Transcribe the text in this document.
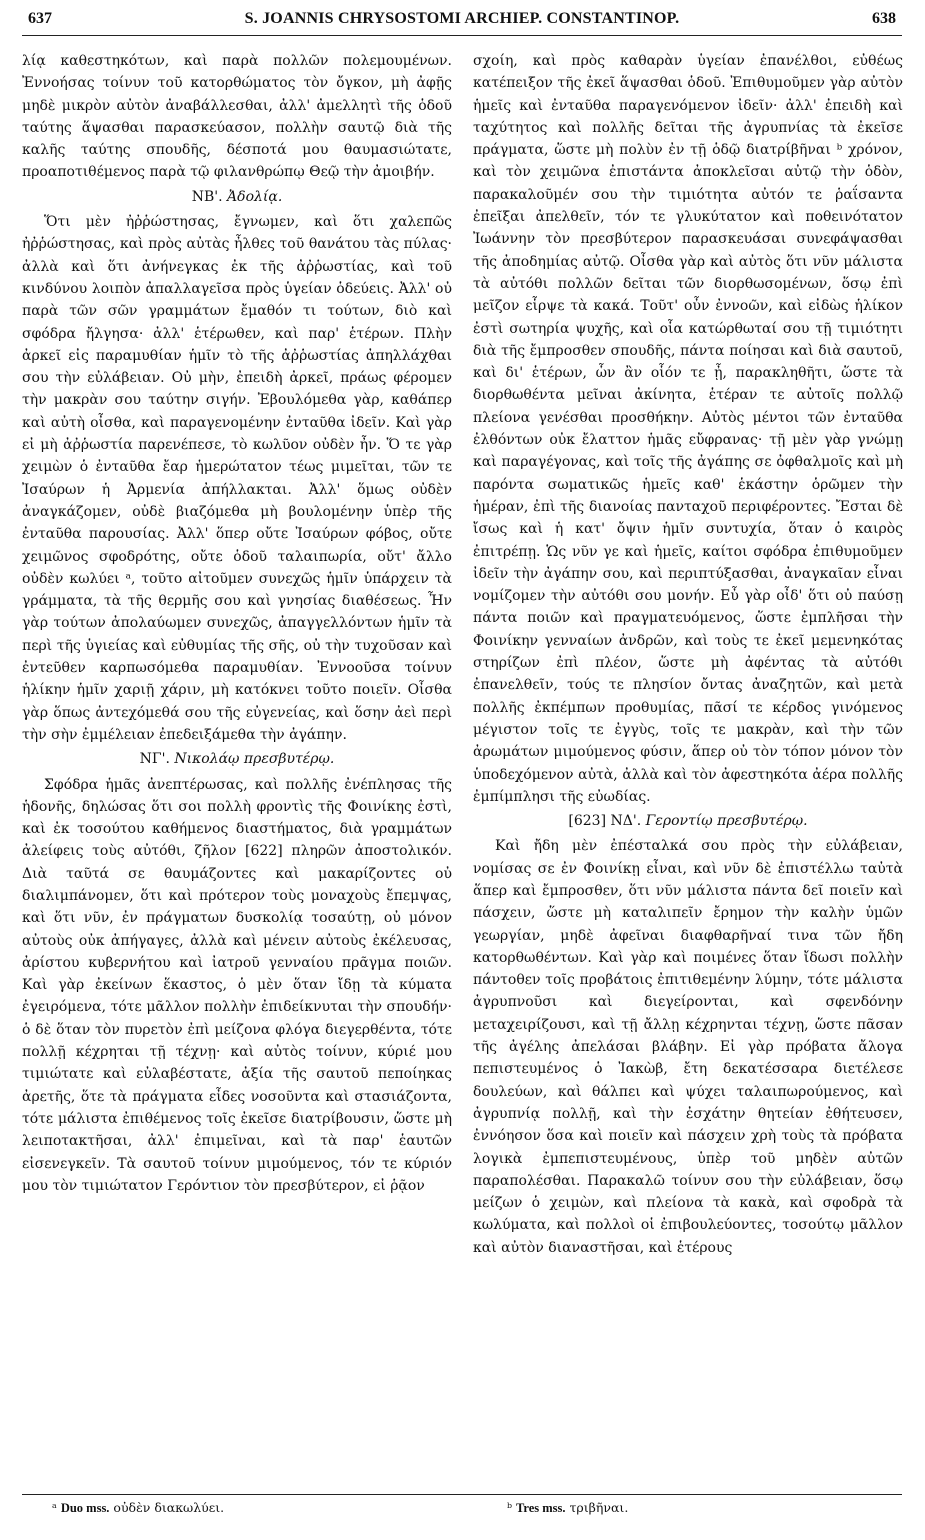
637	S. JOANNIS CHRYSOSTOMI ARCHIEP. CONSTANTINOP.	638

λίᾳ καθεστηκότων, καὶ παρὰ πολλῶν πολεμουμένων. Ἐννοήσας τοίνυν τοῦ κατορθώματος τὸν ὄγκον, μὴ ἀφῇς μηδὲ μικρὸν αὐτὸν ἀναβάλλεσθαι, ἀλλ' ἀμελλητὶ τῆς ὁδοῦ ταύτης ἅψασθαι παρασκεύασον, πολλὴν σαυτῷ διὰ τῆς καλῆς ταύτης σπουδῆς, δέσποτά μου θαυμασιώτατε, προαποτιθέμενος παρὰ τῷ φιλανθρώπῳ Θεῷ τὴν ἀμοιβήν.

ΝΒ'. Ἀδολίᾳ.

Ὅτι μὲν ἠῤῥώστησας, ἔγνωμεν, καὶ ὅτι χαλεπῶς ἠῤῥώστησας, καὶ πρὸς αὐτὰς ἦλθες τοῦ θανάτου τὰς πύλας· ἀλλὰ καὶ ὅτι ἀνήνεγκας ἐκ τῆς ἀῤῥωστίας, καὶ τοῦ κινδύνου λοιπὸν ἀπαλλαγεῖσα πρὸς ὑγείαν ὁδεύεις. Ἀλλ' οὐ παρὰ τῶν σῶν γραμμάτων ἔμαθόν τι τούτων, διὸ καὶ σφόδρα ἤλγησα· ἀλλ' ἑτέρωθεν, καὶ παρ' ἑτέρων. Πλὴν ἀρκεῖ εἰς παραμυθίαν ἡμῖν τὸ τῆς ἀῤῥωστίας ἀπηλλάχθαι σου τὴν εὐλάβειαν. Οὐ μὴν, ἐπειδὴ ἀρκεῖ, πράως φέρομεν τὴν μακρὰν σου ταύτην σιγήν. Ἐβουλόμεθα γὰρ, καθάπερ καὶ αὐτὴ οἶσθα, καὶ παραγενομένην ἐνταῦθα ἰδεῖν. Καὶ γὰρ εἰ μὴ ἀῤῥωστία παρενέπεσε, τὸ κωλῦον οὐδὲν ἦν. Ὅ τε γὰρ χειμὼν ὁ ἐνταῦθα ἔαρ ἡμερώτατον τέως μιμεῖται, τῶν τε Ἰσαύρων ἡ Ἀρμενία ἀπήλλακται. Ἀλλ' ὅμως οὐδὲν ἀναγκάζομεν, οὐδὲ βιαζόμεθα μὴ βουλομένην ὑπὲρ τῆς ἐνταῦθα παρουσίας. Ἀλλ' ὅπερ οὔτε Ἰσαύρων φόβος, οὔτε χειμῶνος σφοδρότης, οὔτε ὁδοῦ ταλαιπωρία, οὔτ' ἄλλο οὐδὲν κωλύει ᵃ, τοῦτο αἰτοῦμεν συνεχῶς ἡμῖν ὑπάρχειν τὰ γράμματα, τὰ τῆς θερμῆς σου καὶ γνησίας διαθέσεως. Ἦν γὰρ τούτων ἀπολαύωμεν συνεχῶς, ἀπαγγελλόντων ἡμῖν τὰ περὶ τῆς ὑγιείας καὶ εὐθυμίας τῆς σῆς, οὐ τὴν τυχοῦσαν καὶ ἐντεῦθεν καρπωσόμεθα παραμυθίαν. Ἐννοοῦσα τοίνυν ἡλίκην ἡμῖν χαριῇ χάριν, μὴ κατόκνει τοῦτο ποιεῖν. Οἶσθα γὰρ ὅπως ἀντεχόμεθά σου τῆς εὐγενείας, καὶ ὅσην ἀεὶ περὶ τὴν σὴν ἐμμέλειαν ἐπεδειξάμεθα τὴν ἀγάπην.

ΝΓ'. Νικολάῳ πρεσβυτέρῳ.

Σφόδρα ἡμᾶς ἀνεπτέρωσας, καὶ πολλῆς ἐνέπλησας τῆς ἡδονῆς, δηλώσας ὅτι σοι πολλὴ φροντὶς τῆς Φοινίκης ἐστὶ, καὶ ἐκ τοσούτου καθήμενος διαστήματος, διὰ γραμμάτων ἀλείφεις τοὺς αὐτόθι, ζῆλον [622] πληρῶν ἀποστολικόν. Διὰ ταῦτά σε θαυμάζοντες καὶ μακαρίζοντες οὐ διαλιμπάνομεν, ὅτι καὶ πρότερον τοὺς μοναχοὺς ἔπεμψας, καὶ ὅτι νῦν, ἐν πράγματων δυσκολίᾳ τοσαύτῃ, οὐ μόνον αὐτοὺς οὐκ ἀπήγαγες, ἀλλὰ καὶ μένειν αὐτοὺς ἐκέλευσας, ἀρίστου κυβερνήτου καὶ ἰατροῦ γενναίου πρᾶγμα ποιῶν. Καὶ γὰρ ἐκείνων ἕκαστος, ὁ μὲν ὅταν ἴδῃ τὰ κύματα ἐγειρόμενα, τότε μᾶλλον πολλὴν ἐπιδείκνυται τὴν σπουδήν· ὁ δὲ ὅταν τὸν πυρετὸν ἐπὶ μείζονα φλόγα διεγερθέντα, τότε πολλῇ κέχρηται τῇ τέχνῃ· καὶ αὐτὸς τοίνυν, κύριέ μου τιμιώτατε καὶ εὐλαβέστατε, ἀξία τῆς σαυτοῦ πεποίηκας ἀρετῆς, ὅτε τὰ πράγματα εἶδες νοσοῦντα καὶ στασιάζοντα, τότε μάλιστα ἐπιθέμενος τοῖς ἐκεῖσε διατρίβουσιν, ὥστε μὴ λειποτακτῆσαι, ἀλλ' ἐπιμεῖναι, καὶ τὰ παρ' ἑαυτῶν εἰσενεγκεῖν. Τὰ σαυτοῦ τοίνυν μιμούμενος, τόν τε κύριόν μου τὸν τιμιώτατον Γερόντιον τὸν πρεσβύτερον, εἰ ῥᾷον

σχοίη, καὶ πρὸς καθαρὰν ὑγείαν ἐπανέλθοι, εὐθέως κατέπειξον τῆς ἐκεῖ ἅψασθαι ὁδοῦ. Ἐπιθυμοῦμεν γὰρ αὐτὸν ἡμεῖς καὶ ἐνταῦθα παραγενόμενον ἰδεῖν· ἀλλ' ἐπειδὴ καὶ ταχύτητος καὶ πολλῆς δεῖται τῆς ἀγρυπνίας τὰ ἐκεῖσε πράγματα, ὥστε μὴ πολὺν ἐν τῇ ὁδῷ διατρίβῆναι ᵇ χρόνον, καὶ τὸν χειμῶνα ἐπιστάντα ἀποκλεῖσαι αὐτῷ τὴν ὁδὸν, παρακαλοῦμέν σου τὴν τιμιότητα αὐτόν τε ῥαΐσαντα ἐπεῖξαι ἀπελθεῖν, τόν τε γλυκύτατον καὶ ποθεινότατον Ἰωάννην τὸν πρεσβύτερον παρασκευάσαι συνεφάψασθαι τῆς ἀποδημίας αὐτῷ. Οἶσθα γὰρ καὶ αὐτὸς ὅτι νῦν μάλιστα τὰ αὐτόθι πολλῶν δεῖται τῶν διορθωσομένων, ὅσῳ ἐπὶ μεῖζον εἷρψε τὰ κακά. Τοῦτ' οὖν ἐννοῶν, καὶ εἰδὼς ἡλίκον ἐστὶ σωτηρία ψυχῆς, καὶ οἷα κατώρθωταί σου τῇ τιμιότητι διὰ τῆς ἔμπροσθεν σπουδῆς, πάντα ποίησαι καὶ διὰ σαυτοῦ, καὶ δι' ἑτέρων, ὧν ἂν οἷόν τε ᾖ, παρακληθῆτι, ὥστε τὰ διορθωθέντα μεῖναι ἀκίνητα, ἑτέραν τε αὐτοῖς πολλῷ πλείονα γενέσθαι προσθήκην. Αὐτὸς μέντοι τῶν ἐνταῦθα ἐλθόντων οὐκ ἔλαττον ἡμᾶς εὔφρανας· τῇ μὲν γὰρ γνώμῃ καὶ παραγέγονας, καὶ τοῖς τῆς ἀγάπης σε ὀφθαλμοῖς καὶ μὴ παρόντα σωματικῶς ἡμεῖς καθ' ἑκάστην ὁρῶμεν τὴν ἡμέραν, ἐπὶ τῆς διανοίας πανταχοῦ περιφέροντες. Ἔσται δὲ ἴσως καὶ ἡ κατ' ὄψιν ἡμῖν συντυχία, ὅταν ὁ καιρὸς ἐπιτρέπῃ. Ὡς νῦν γε καὶ ἡμεῖς, καίτοι σφόδρα ἐπιθυμοῦμεν ἰδεῖν τὴν ἀγάπην σου, καὶ περιπτύξασθαι, ἀναγκαῖαν εἶναι νομίζομεν τὴν αὐτόθι σου μονήν. Εὖ γὰρ οἶδ' ὅτι οὐ παύσῃ πάντα ποιῶν καὶ πραγματευόμενος, ὥστε ἐμπλῆσαι τὴν Φοινίκην γενναίων ἀνδρῶν, καὶ τοὺς τε ἐκεῖ μεμενηκότας στηρίζων ἐπὶ πλέον, ὥστε μὴ ἀφέντας τὰ αὐτόθι ἐπανελθεῖν, τούς τε πλησίον ὄντας ἀναζητῶν, καὶ μετὰ πολλῆς ἐκπέμπων προθυμίας, πᾶσί τε κέρδος γινόμενος μέγιστον τοῖς τε ἐγγὺς, τοῖς τε μακρὰν, καὶ τὴν τῶν ἀρωμάτων μιμούμενος φύσιν, ἅπερ οὐ τὸν τόπον μόνον τὸν ὑποδεχόμενον αὐτὰ, ἀλλὰ καὶ τὸν ἀφεστηκότα ἀέρα πολλῆς ἐμπίμπλησι τῆς εὐωδίας.

[623] ΝΔ'. Γεροντίῳ πρεσβυτέρῳ.

Καὶ ἤδη μὲν ἐπέσταλκά σου πρὸς τὴν εὐλάβειαν, νομίσας σε ἐν Φοινίκῃ εἶναι, καὶ νῦν δὲ ἐπιστέλλω ταὐτὰ ἅπερ καὶ ἔμπροσθεν, ὅτι νῦν μάλιστα πάντα δεῖ ποιεῖν καὶ πάσχειν, ὥστε μὴ καταλιπεῖν ἔρημον τὴν καλὴν ὑμῶν γεωργίαν, μηδὲ ἀφεῖναι διαφθαρῆναί τινα τῶν ἤδη κατορθωθέντων. Καὶ γὰρ καὶ ποιμένες ὅταν ἴδωσι πολλὴν πάντοθεν τοῖς προβάτοις ἐπιτιθεμένην λύμην, τότε μάλιστα ἀγρυπνοῦσι καὶ διεγείρονται, καὶ σφενδόνην μεταχειρίζουσι, καὶ τῇ ἄλλῃ κέχρηνται τέχνῃ, ὥστε πᾶσαν τῆς ἀγέλης ἀπελάσαι βλάβην. Εἰ γὰρ πρόβατα ἄλογα πεπιστευμένος ὁ Ἰακὼβ, ἔτη δεκατέσσαρα διετέλεσε δουλεύων, καὶ θάλπει καὶ ψύχει ταλαιπωρούμενος, καὶ ἀγρυπνίᾳ πολλῇ, καὶ τὴν ἐσχάτην θητείαν ἐθήτευσεν, ἐννόησον ὅσα καὶ ποιεῖν καὶ πάσχειν χρὴ τοὺς τὰ πρόβατα λογικὰ ἐμπεπιστευμένους, ὑπὲρ τοῦ μηδὲν αὐτῶν παραπολέσθαι. Παρακαλῶ τοίνυν σου τὴν εὐλάβειαν, ὅσῳ μείζων ὁ χειμὼν, καὶ πλείονα τὰ κακὰ, καὶ σφοδρὰ τὰ κωλύματα, καὶ πολλοὶ οἱ ἐπιβουλεύοντες, τοσούτῳ μᾶλλον καὶ αὐτὸν διαναστῆσαι, καὶ ἑτέρους

ᵃ Duo mss. οὐδὲν διακωλύει.	ᵇ Tres mss. τριβῆναι.
